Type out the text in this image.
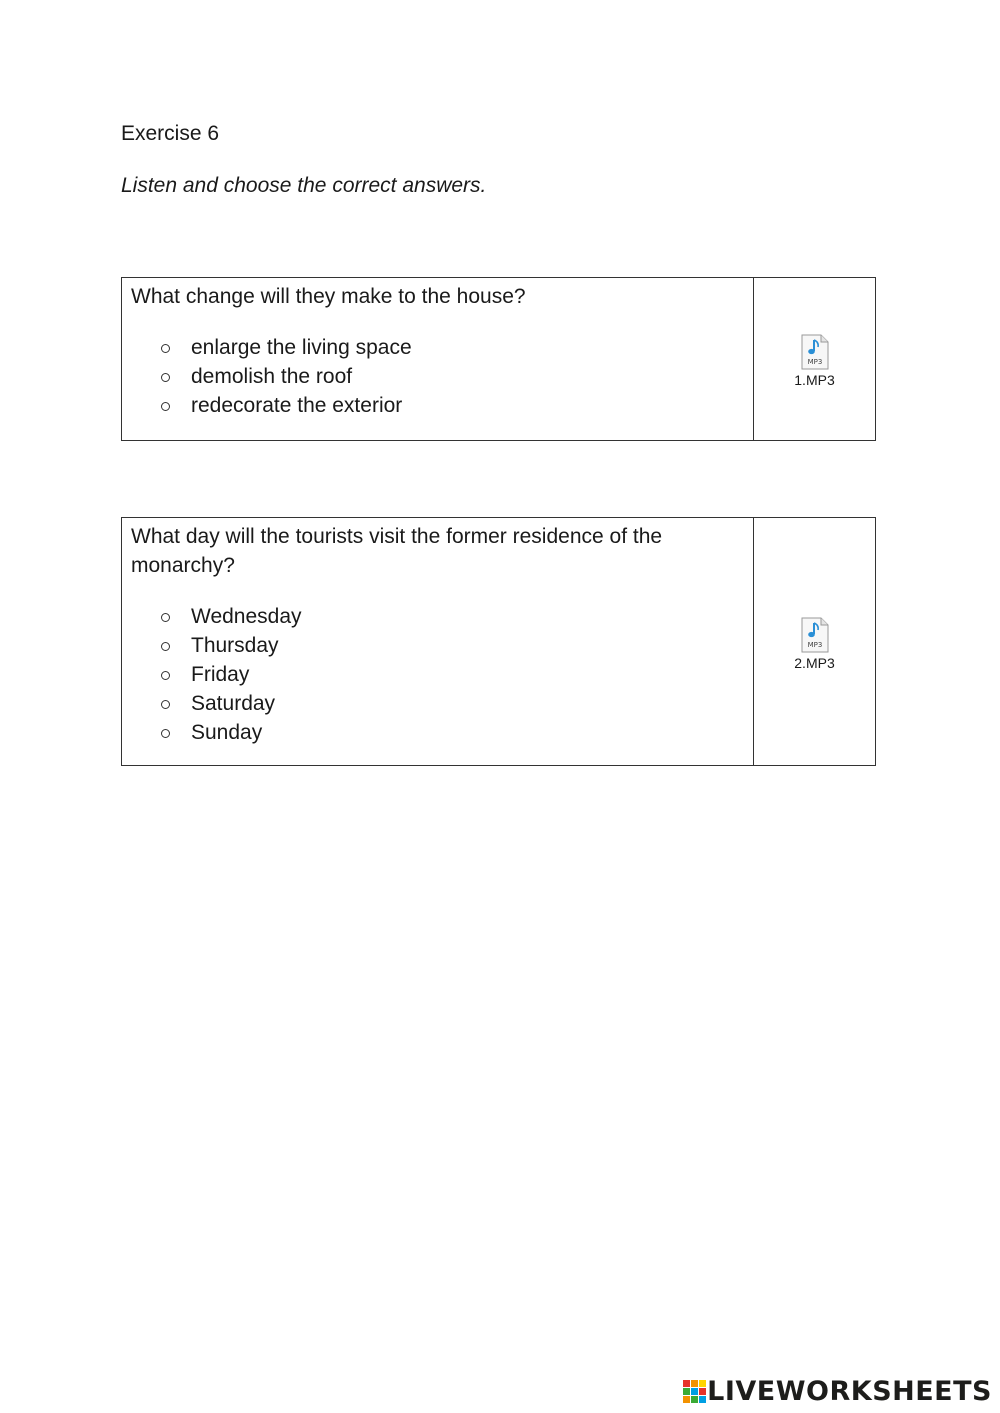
Exercise 6
Listen and choose the correct answers.
What change will they make to the house?
enlarge the living space
demolish the roof
redecorate the exterior
MP3
1.MP3
What day will the tourists visit the former residence of the monarchy?
Wednesday
Thursday
Friday
Saturday
Sunday
MP3
2.MP3
LIVEWORKSHEETS
